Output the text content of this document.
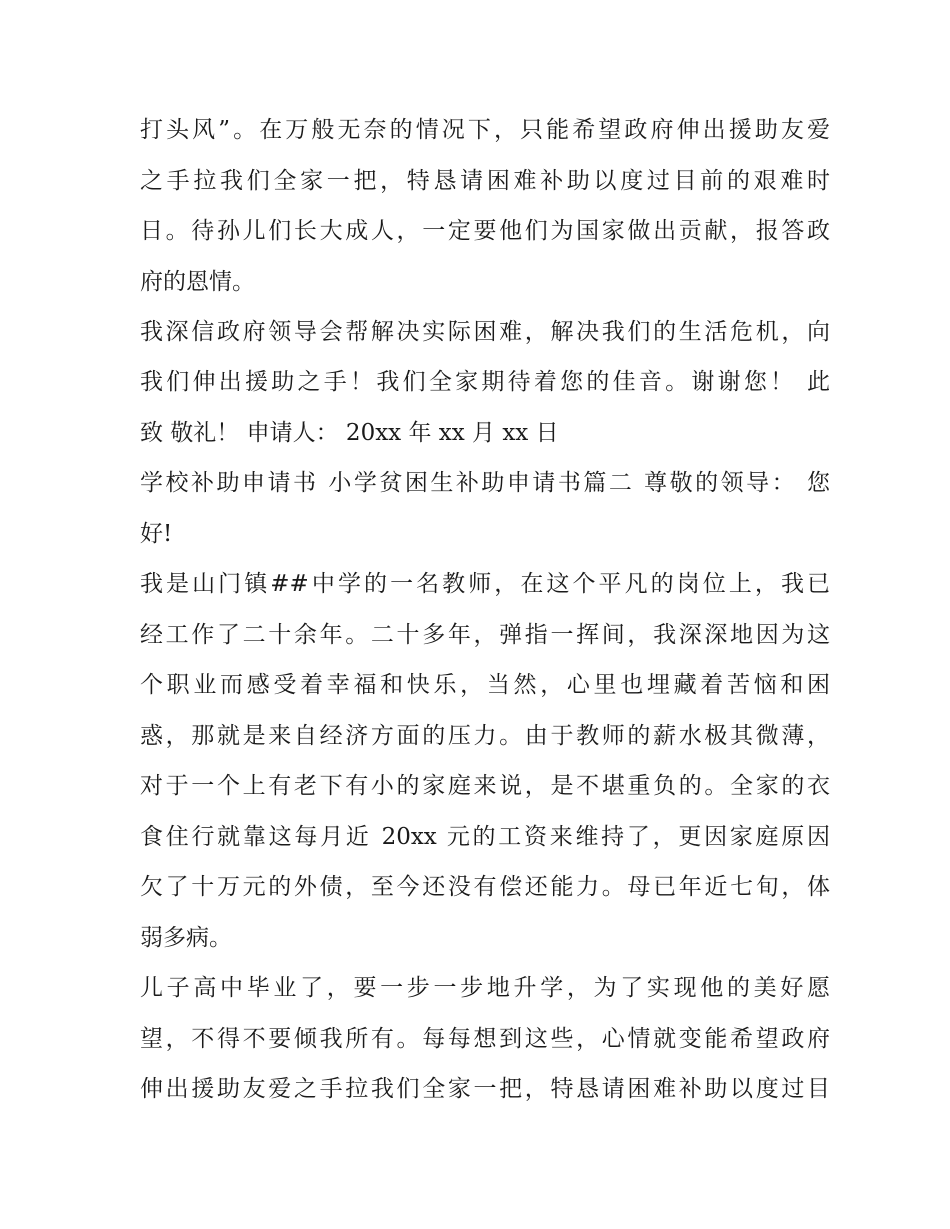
打头风”。在万般无奈的情况下，只能希望政府伸出援助友爱
之手拉我们全家一把，特恳请困难补助以度过目前的艰难时
日。待孙儿们长大成人，一定要他们为国家做出贡献，报答政
府的恩情。
我深信政府领导会帮解决实际困难，解决我们的生活危机，向
我们伸出援助之手！我们全家期待着您的佳音。谢谢您！ 此
致 敬礼！ 申请人： 20xx 年 xx 月 xx 日
学校补助申请书 小学贫困生补助申请书篇二 尊敬的领导： 您
好!
我是山门镇##中学的一名教师，在这个平凡的岗位上，我已
经工作了二十余年。二十多年，弹指一挥间，我深深地因为这
个职业而感受着幸福和快乐，当然，心里也埋藏着苦恼和困
惑，那就是来自经济方面的压力。由于教师的薪水极其微薄，
对于一个上有老下有小的家庭来说，是不堪重负的。全家的衣
食住行就靠这每月近 20xx 元的工资来维持了，更因家庭原因
欠了十万元的外债，至今还没有偿还能力。母已年近七旬，体
弱多病。
儿子高中毕业了，要一步一步地升学，为了实现他的美好愿
望，不得不要倾我所有。每每想到这些，心情就变能希望政府
伸出援助友爱之手拉我们全家一把，特恳请困难补助以度过目
